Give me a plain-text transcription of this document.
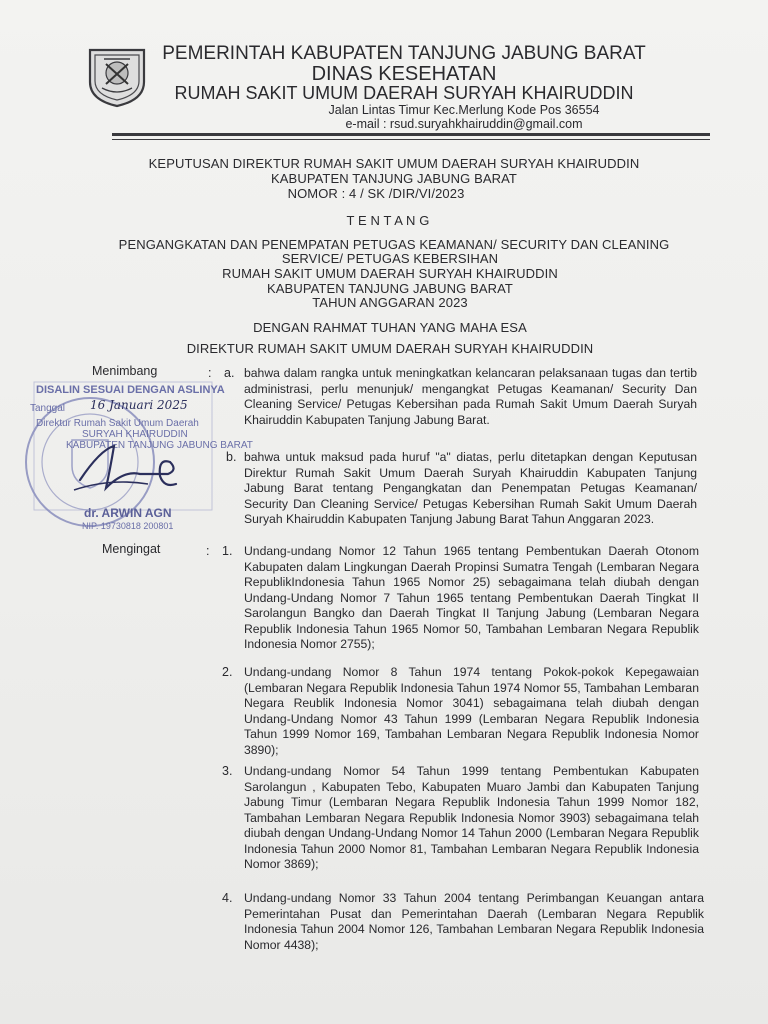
PEMERINTAH KABUPATEN TANJUNG JABUNG BARAT
DINAS KESEHATAN
RUMAH SAKIT UMUM DAERAH SURYAH KHAIRUDDIN
Jalan Lintas Timur Kec.Merlung Kode Pos 36554
e-mail : rsud.suryahkhairuddin@gmail.com
KEPUTUSAN DIREKTUR RUMAH SAKIT UMUM DAERAH SURYAH KHAIRUDDIN
KABUPATEN TANJUNG JABUNG BARAT
NOMOR : 4 / SK /DIR/VI/2023
T E N T A N G
PENGANGKATAN DAN PENEMPATAN PETUGAS KEAMANAN/ SECURITY DAN CLEANING
SERVICE/ PETUGAS KEBERSIHAN
RUMAH SAKIT UMUM DAERAH SURYAH KHAIRUDDIN
KABUPATEN TANJUNG JABUNG BARAT
TAHUN ANGGARAN 2023
DENGAN RAHMAT TUHAN YANG MAHA ESA
DIREKTUR RUMAH SAKIT UMUM DAERAH SURYAH KHAIRUDDIN
Menimbang	: a. bahwa dalam rangka untuk meningkatkan kelancaran pelaksanaan tugas dan tertib administrasi, perlu menunjuk/ mengangkat Petugas Keamanan/ Security Dan Cleaning Service/ Petugas Kebersihan pada Rumah Sakit Umum Daerah Suryah Khairuddin Kabupaten Tanjung Jabung Barat.
b. bahwa untuk maksud pada huruf "a" diatas, perlu ditetapkan dengan Keputusan Direktur Rumah Sakit Umum Daerah Suryah Khairuddin Kabupaten Tanjung Jabung Barat tentang Pengangkatan dan Penempatan Petugas Keamanan/ Security Dan Cleaning Service/ Petugas Kebersihan Rumah Sakit Umum Daerah Suryah Khairuddin Kabupaten Tanjung Jabung Barat Tahun Anggaran 2023.
Mengingat	: 1. Undang-undang Nomor 12 Tahun 1965 tentang Pembentukan Daerah Otonom Kabupaten dalam Lingkungan Daerah Propinsi Sumatra Tengah (Lembaran Negara RepublikIndonesia Tahun 1965 Nomor 25) sebagaimana telah diubah dengan Undang-Undang Nomor 7 Tahun 1965 tentang Pembentukan Daerah Tingkat II Sarolangun Bangko dan Daerah Tingkat II Tanjung Jabung (Lembaran Negara Republik Indonesia Tahun 1965 Nomor 50, Tambahan Lembaran Negara Republik Indonesia Nomor 2755);
2. Undang-undang Nomor 8 Tahun 1974 tentang Pokok-pokok Kepegawaian (Lembaran Negara Republik Indonesia Tahun 1974 Nomor 55, Tambahan Lembaran Negara Reublik Indonesia Nomor 3041) sebagaimana telah diubah dengan Undang-Undang Nomor 43 Tahun 1999 (Lembaran Negara Republik Indonesia Tahun 1999 Nomor 169, Tambahan Lembaran Negara Republik Indonesia Nomor 3890);
3. Undang-undang Nomor 54 Tahun 1999 tentang Pembentukan Kabupaten Sarolangun , Kabupaten Tebo, Kabupaten Muaro Jambi dan Kabupaten Tanjung Jabung Timur (Lembaran Negara Republik Indonesia Tahun 1999 Nomor 182, Tambahan Lembaran Negara Republik Indonesia Nomor 3903) sebagaimana telah diubah dengan Undang-Undang Nomor 14 Tahun 2000 (Lembaran Negara Republik Indonesia Tahun 2000 Nomor 81, Tambahan Lembaran Negara Republik Indonesia Nomor 3869);
4. Undang-undang Nomor 33 Tahun 2004 tentang Perimbangan Keuangan antara Pemerintahan Pusat dan Pemerintahan Daerah (Lembaran Negara Republik Indonesia Tahun 2004 Nomor 126, Tambahan Lembaran Negara Republik Indonesia Nomor 4438);
DISALIN SESUAI DENGAN ASLINYA
Tanggal 16 Januari 2025
Direktur Rumah Sakit Umum Daerah
SURYAH KHAIRUDDIN
KABUPATEN TANJUNG JABUNG BARAT
dr. ARWIN AGN
NIP. 19730818 200801
